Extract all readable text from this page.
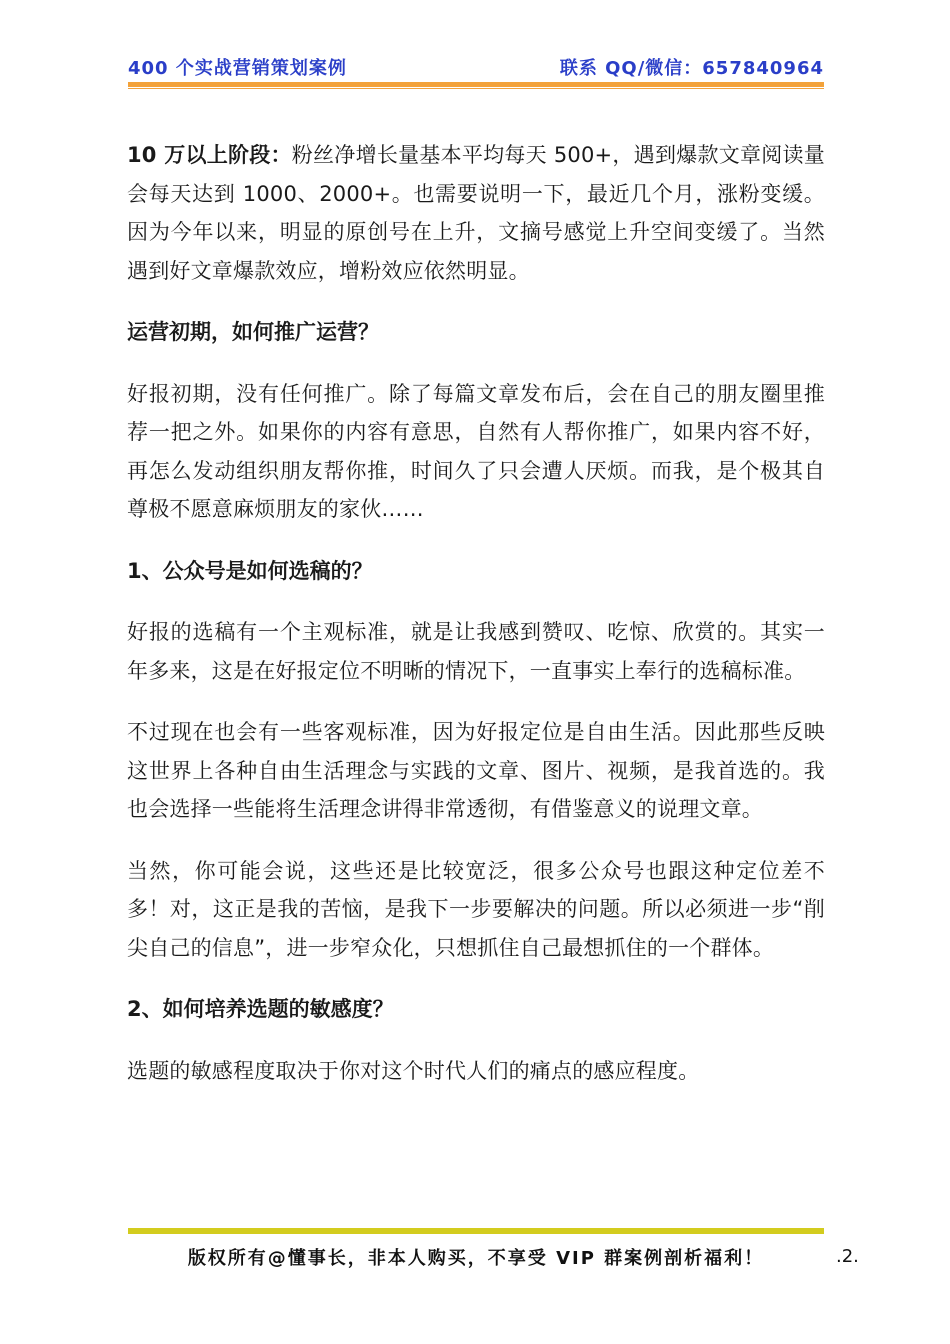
400 个实战营销策划案例	联系 QQ/微信：657840964

10 万以上阶段：粉丝净增长量基本平均每天 500+，遇到爆款文章阅读量会每天达到 1000、2000+。也需要说明一下，最近几个月，涨粉变缓。因为今年以来，明显的原创号在上升，文摘号感觉上升空间变缓了。当然遇到好文章爆款效应，增粉效应依然明显。

运营初期，如何推广运营？

好报初期，没有任何推广。除了每篇文章发布后，会在自己的朋友圈里推荐一把之外。如果你的内容有意思，自然有人帮你推广，如果内容不好，再怎么发动组织朋友帮你推，时间久了只会遭人厌烦。而我，是个极其自尊极不愿意麻烦朋友的家伙……

1、公众号是如何选稿的？

好报的选稿有一个主观标准，就是让我感到赞叹、吃惊、欣赏的。其实一年多来，这是在好报定位不明晰的情况下，一直事实上奉行的选稿标准。

不过现在也会有一些客观标准，因为好报定位是自由生活。因此那些反映这世界上各种自由生活理念与实践的文章、图片、视频，是我首选的。我也会选择一些能将生活理念讲得非常透彻，有借鉴意义的说理文章。

当然，你可能会说，这些还是比较宽泛，很多公众号也跟这种定位差不多！对，这正是我的苦恼，是我下一步要解决的问题。所以必须进一步“削尖自己的信息”，进一步窄众化，只想抓住自己最想抓住的一个群体。

2、如何培养选题的敏感度？

选题的敏感程度取决于你对这个时代人们的痛点的感应程度。

版权所有@懂事长，非本人购买，不享受 VIP 群案例剖析福利！	.2.
